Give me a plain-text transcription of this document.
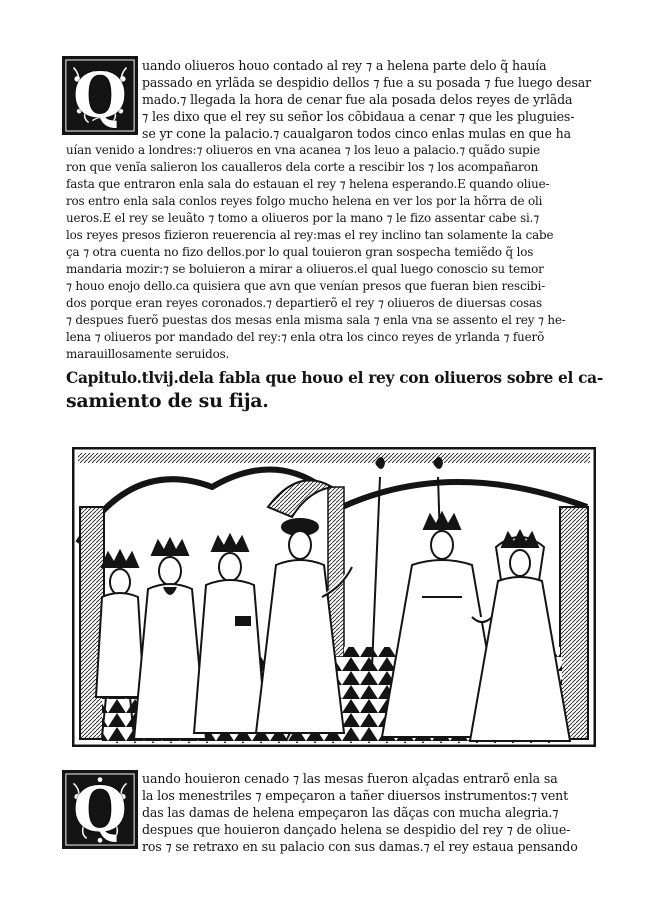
Q uando oliueros houo contado al rey ⁊ a helena parte delo q̃ hauía
passado en yrlãda se despidio dellos ⁊ fue a su posada ⁊ fue luego desar
mado.⁊ llegada la hora de cenar fue ala posada delos reyes de yrlãda
⁊ les dixo que el rey su señor los cõbidaua a cenar ⁊ que les pluguies-
se yr cone la palacio.⁊ caualgaron todos cinco enlas mulas en que ha
uían venido a londres:⁊ oliueros en vna acanea ⁊ los leuo a palacio.⁊ quãdo supie
ron que venĩa salieron los caualleros dela corte a rescibir los ⁊ los acompañaron
fasta que entraron enla sala do estauan el rey ⁊ helena esperando.E quando oliue-
ros entro enla sala conlos reyes folgo mucho helena en ver los por la hõrra de oli
ueros.E el rey se leuãto ⁊ tomo a oliueros por la mano ⁊ le fizo assentar cabe si.⁊
los reyes presos fizieron reuerencia al rey:mas el rey inclino tan solamente la cabe
ça ⁊ otra cuenta no fizo dellos.por lo qual touieron gran sospecha temiẽdo q̃ los
mandaria mozir:⁊ se boluieron a mirar a oliueros.el qual luego conoscio su temor
⁊ houo enojo dello.ca quisiera que avn que venían presos que fueran bien rescibi-
dos porque eran reyes coronados.⁊ departierõ el rey ⁊ oliueros de diuersas cosas
⁊ despues fuerõ puestas dos mesas enla misma sala ⁊ enla vna se assento el rey ⁊ he-
lena ⁊ oliueros por mandado del rey:⁊ enla otra los cinco reyes de yrlanda ⁊ fuerõ
marauillosamente seruidos.
Capitulo.tlvij.dela fabla que houo el rey con oliueros sobre el ca-
samiento de su fija.
Q uando houieron cenado ⁊ las mesas fueron alçadas entrarõ enla sa
la los menestriles ⁊ empeçaron a tañer diuersos instrumentos:⁊ vent
das las damas de helena empeçaron las dãças con mucha alegria.⁊
despues que houieron dançado helena se despidio del rey ⁊ de oliue-
ros ⁊ se retraxo en su palacio con sus damas.⁊ el rey estaua pensando
